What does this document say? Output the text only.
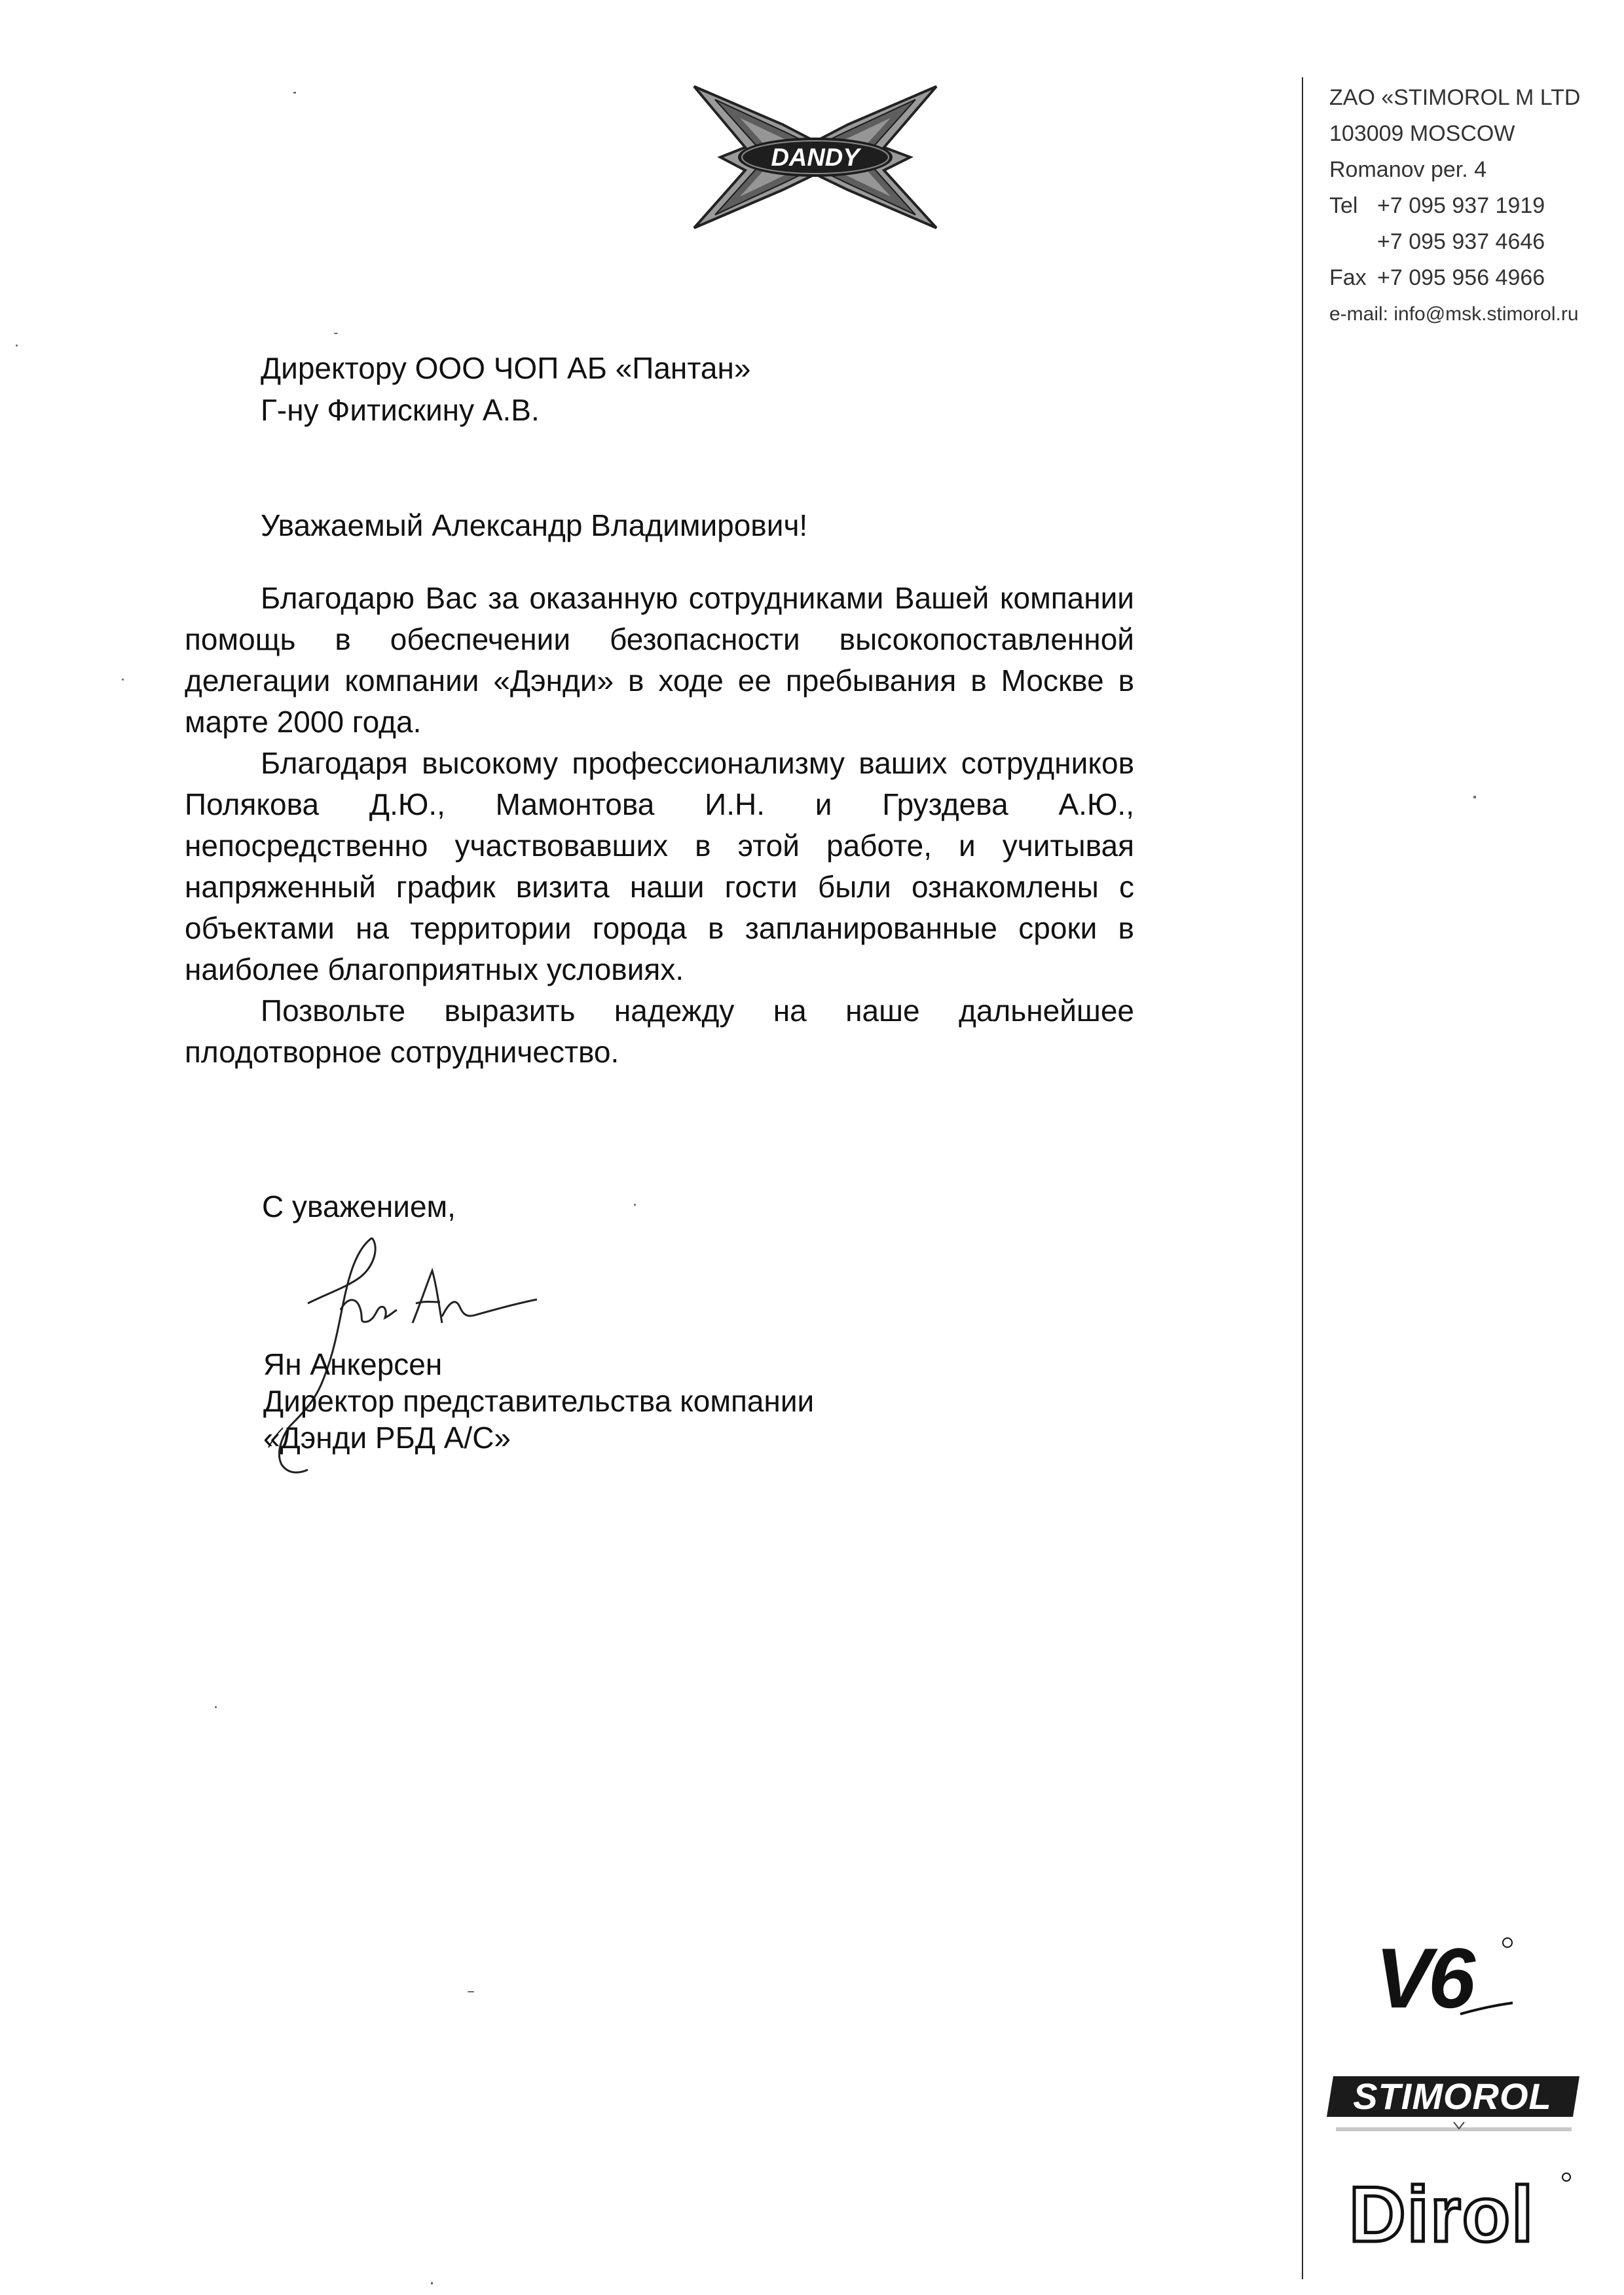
DANDY
ZAO «STIMOROL M LTD
103009 MOSCOW
Romanov per. 4
Tel +7 095 937 1919
+7 095 937 4646
Fax +7 095 956 4966
e-mail: info@msk.stimorol.ru
Директору ООО ЧОП АБ «Пантан»
Г-ну Фитискину А.В.
Уважаемый Александр Владимирович!

Благодарю Вас за оказанную сотрудниками Вашей компании помощь в обеспечении безопасности высокопоставленной делегации компании «Дэнди» в ходе ее пребывания в Москве в марте 2000 года.

Благодаря высокому профессионализму ваших сотрудников Полякова Д.Ю., Мамонтова И.Н. и Груздева А.Ю., непосредственно участвовавших в этой работе, и учитывая напряженный график визита наши гости были ознакомлены с объектами на территории города в запланированные сроки в наиболее благоприятных условиях.

Позвольте выразить надежду на наше дальнейшее плодотворное сотрудничество.

С уважением,
Ян Анкерсен
Директор представительства компании
«Дэнди РБД А/С»
V6
STIMOROL
Dirol
